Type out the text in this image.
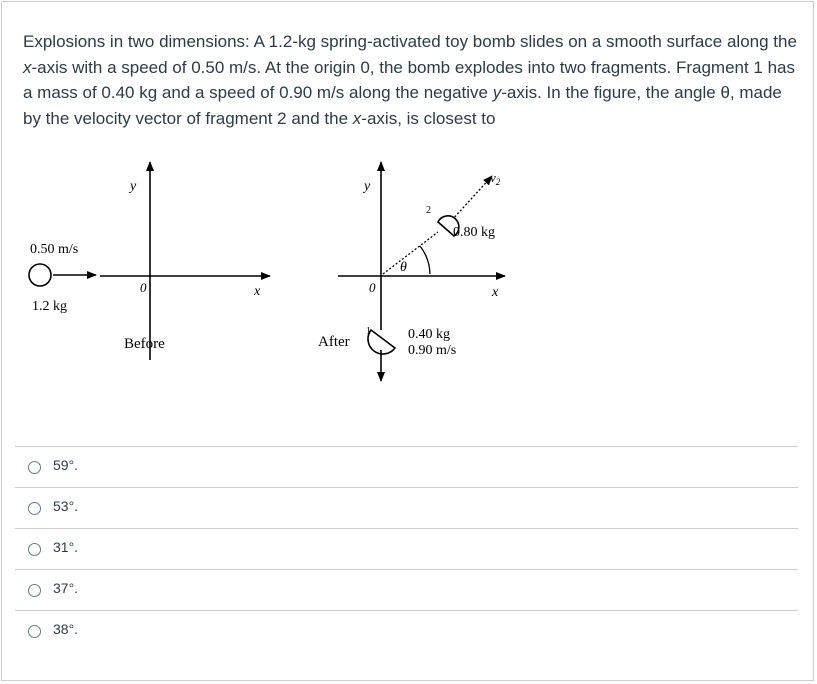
Explosions in two dimensions: A 1.2-kg spring-activated toy bomb slides on a smooth surface along the x-axis with a speed of 0.50 m/s. At the origin 0, the bomb explodes into two fragments. Fragment 1 has a mass of 0.40 kg and a speed of 0.90 m/s along the negative y-axis. In the figure, the angle θ, made by the velocity vector of fragment 2 and the x-axis, is closest to
y
x
0
0.50 m/s
1.2 kg
Before
y
x
0
2
0.80 kg
$v_2$
θ
1	0.40 kg
0.90 m/s
After
59°.
53°.
31°.
37°.
38°.
